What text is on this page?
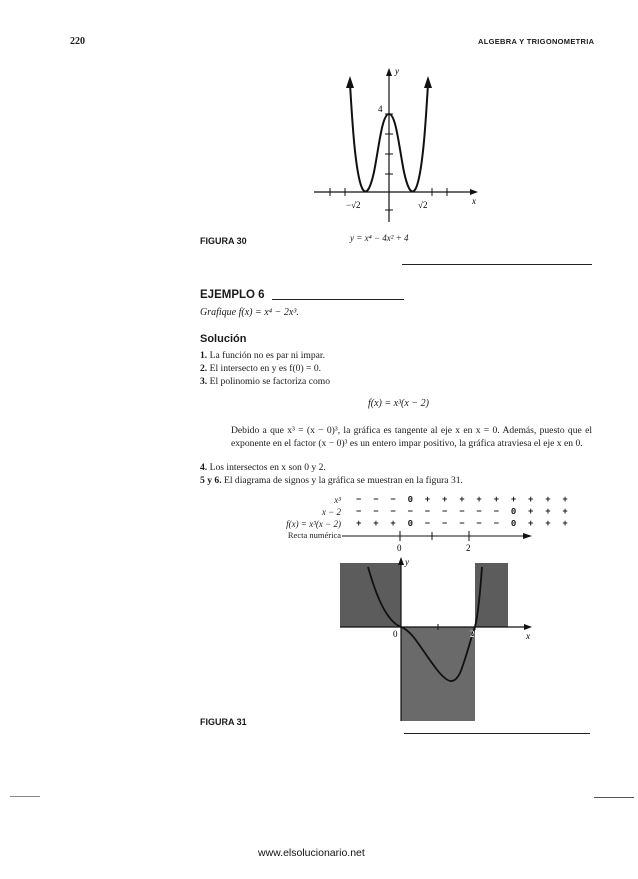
220	ALGEBRA Y TRIGONOMETRIA
y
x
4
−√2	√2
FIGURA 30	y = x⁴ − 4x² + 4
EJEMPLO 6
Grafique f(x) = x⁴ − 2x³.
Solución
1. La función no es par ni impar.
2. El intersecto en y es f(0) = 0.
3. El polinomio se factoriza como
f(x) = x³(x − 2)
Debido a que x³ = (x − 0)³, la gráfica es tangente al eje x en x = 0. Además, puesto que el exponente en el factor (x − 0)³ es un entero impar positivo, la gráfica atraviesa el eje x en 0.
4. Los intersectos en x son 0 y 2.
5 y 6. El diagrama de signos y la gráfica se muestran en la figura 31.
x³ − − − 0 + + + + + + + + +
x − 2 − − − − − − − − − 0 + + +
f(x) = x³(x − 2) + + + 0 − − − − − 0 + + +
Recta numérica
0	2
y
x
0	2
FIGURA 31
www.elsolucionario.net
